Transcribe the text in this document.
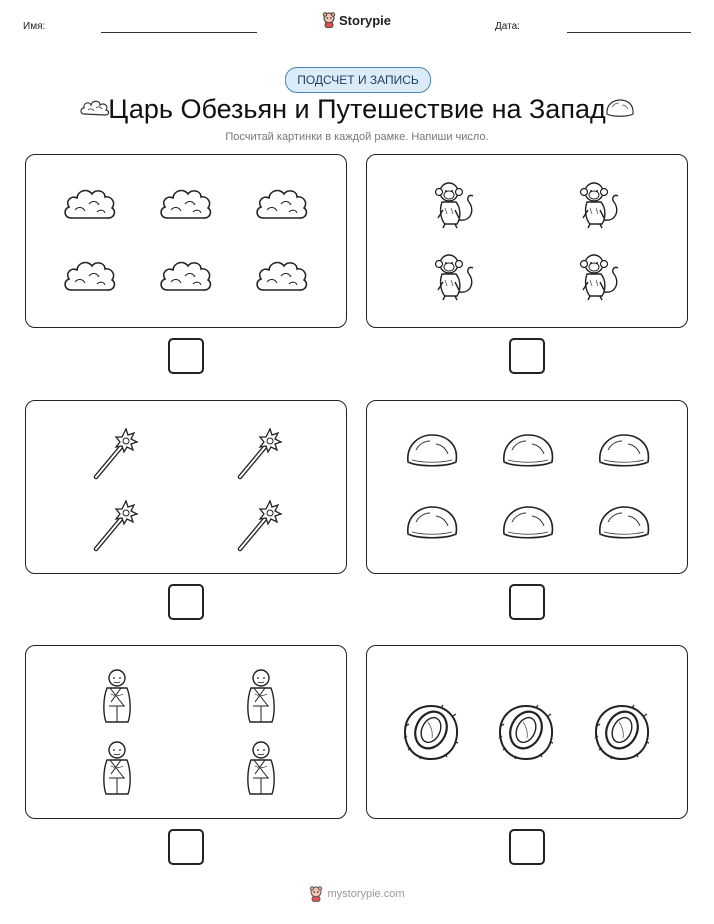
Имя:	Storypie	Дата:
ПОДСЧЕТ И ЗАПИСЬ
Царь Обезьян и Путешествие на Запад
Посчитай картинки в каждой рамке. Напиши число.
mystorypie.com
